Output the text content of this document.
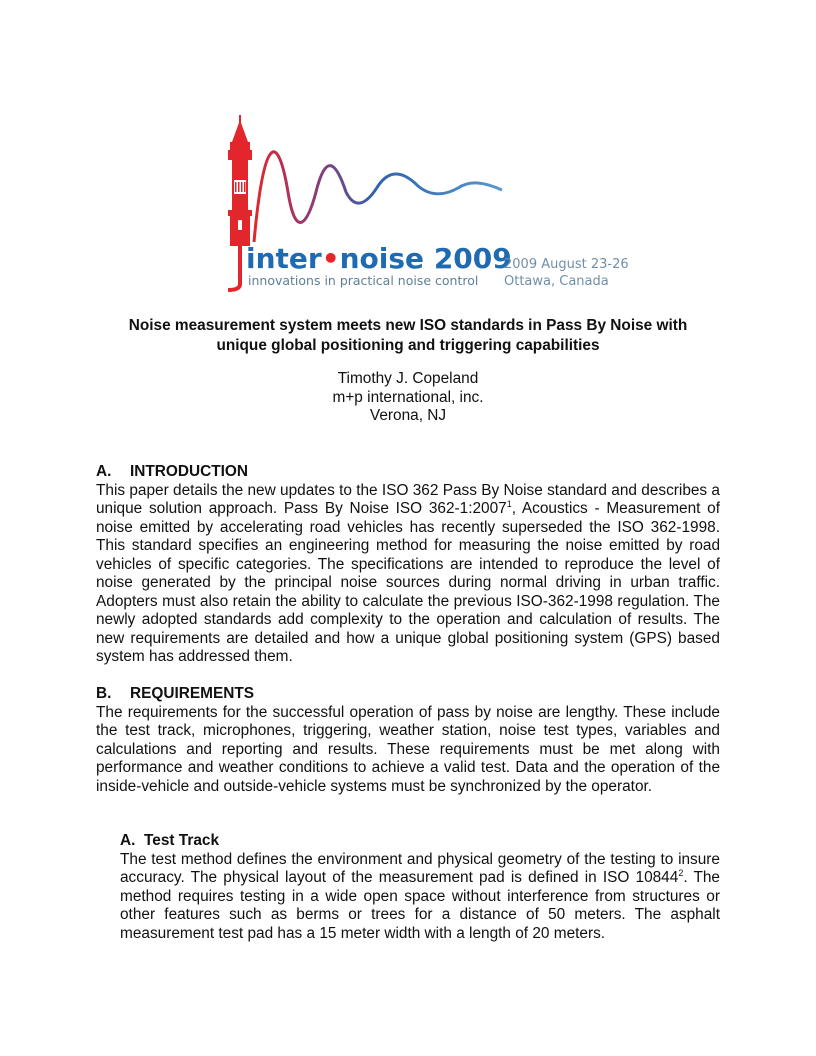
inter•noise 2009
innovations in practical noise control
2009 August 23-26
Ottawa, Canada
Noise measurement system meets new ISO standards in Pass By Noise with
unique global positioning and triggering capabilities
Timothy J. Copeland
m+p international, inc.
Verona, NJ
A. INTRODUCTION

This paper details the new updates to the ISO 362 Pass By Noise standard and describes a unique solution approach. Pass By Noise ISO 362-1:2007$^1$, Acoustics - Measurement of noise emitted by accelerating road vehicles has recently superseded the ISO 362-1998. This standard specifies an engineering method for measuring the noise emitted by road vehicles of specific categories. The specifications are intended to reproduce the level of noise generated by the principal noise sources during normal driving in urban traffic. Adopters must also retain the ability to calculate the previous ISO-362-1998 regulation. The newly adopted standards add complexity to the operation and calculation of results. The new requirements are detailed and how a unique global positioning system (GPS) based system has addressed them.

B. REQUIREMENTS

The requirements for the successful operation of pass by noise are lengthy. These include the test track, microphones, triggering, weather station, noise test types, variables and calculations and reporting and results. These requirements must be met along with performance and weather conditions to achieve a valid test. Data and the operation of the inside-vehicle and outside-vehicle systems must be synchronized by the operator.

A. Test Track

The test method defines the environment and physical geometry of the testing to insure accuracy. The physical layout of the measurement pad is defined in ISO 10844$^2$. The method requires testing in a wide open space without interference from structures or other features such as berms or trees for a distance of 50 meters. The asphalt measurement test pad has a 15 meter width with a length of 20 meters.
